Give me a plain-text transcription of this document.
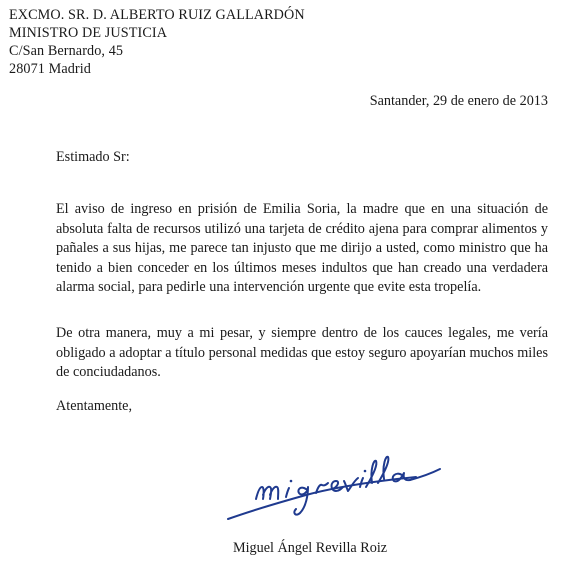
EXCMO. SR. D. ALBERTO RUIZ GALLARDÓN
MINISTRO DE JUSTICIA
C/San Bernardo, 45
28071 Madrid
Santander, 29 de enero de 2013
Estimado Sr:

El aviso de ingreso en prisión de Emilia Soria, la madre que en una situación de absoluta falta de recursos utilizó una tarjeta de crédito ajena para comprar alimentos y pañales a sus hijas, me parece tan injusto que me dirijo a usted, como ministro que ha tenido a bien conceder en los últimos meses indultos que han creado una verdadera alarma social, para pedirle una intervención urgente que evite esta tropelía.

De otra manera, muy a mi pesar, y siempre dentro de los cauces legales, me vería obligado a adoptar a título personal medidas que estoy seguro apoyarían muchos miles de conciudadanos.

Atentamente,
Miguel Ángel Revilla Roiz
